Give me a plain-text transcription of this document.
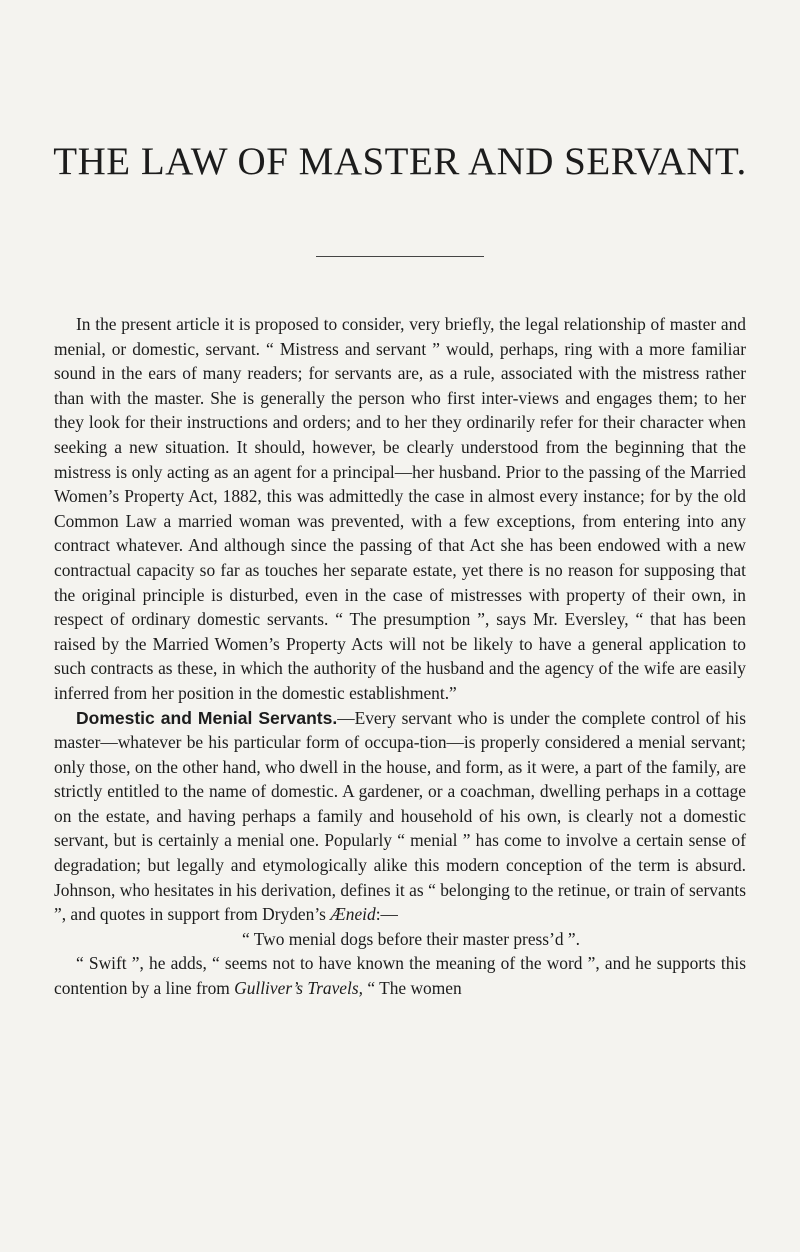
THE LAW OF MASTER AND SERVANT.

In the present article it is proposed to consider, very briefly, the legal relationship of master and menial, or domestic, servant. “ Mistress and servant ” would, perhaps, ring with a more familiar sound in the ears of many readers; for servants are, as a rule, associated with the mistress rather than with the master. She is generally the person who first inter-views and engages them; to her they look for their instructions and orders; and to her they ordinarily refer for their character when seeking a new situation. It should, however, be clearly understood from the beginning that the mistress is only acting as an agent for a principal—her husband. Prior to the passing of the Married Women’s Property Act, 1882, this was admittedly the case in almost every instance; for by the old Common Law a married woman was prevented, with a few exceptions, from entering into any contract whatever. And although since the passing of that Act she has been endowed with a new contractual capacity so far as touches her separate estate, yet there is no reason for supposing that the original principle is disturbed, even in the case of mistresses with property of their own, in respect of ordinary domestic servants. “ The presumption ”, says Mr. Eversley, “ that has been raised by the Married Women’s Property Acts will not be likely to have a general application to such contracts as these, in which the authority of the husband and the agency of the wife are easily inferred from her position in the domestic establishment.”

Domestic and Menial Servants.—Every servant who is under the complete control of his master—whatever be his particular form of occupa-tion—is properly considered a menial servant; only those, on the other hand, who dwell in the house, and form, as it were, a part of the family, are strictly entitled to the name of domestic. A gardener, or a coachman, dwelling perhaps in a cottage on the estate, and having perhaps a family and household of his own, is clearly not a domestic servant, but is certainly a menial one. Popularly “ menial ” has come to involve a certain sense of degradation; but legally and etymologically alike this modern conception of the term is absurd. Johnson, who hesitates in his derivation, defines it as “ belonging to the retinue, or train of servants ”, and quotes in support from Dryden’s Æneid:—

“ Two menial dogs before their master press’d ”.

“ Swift ”, he adds, “ seems not to have known the meaning of the word ”, and he supports this contention by a line from Gulliver’s Travels, “ The women
